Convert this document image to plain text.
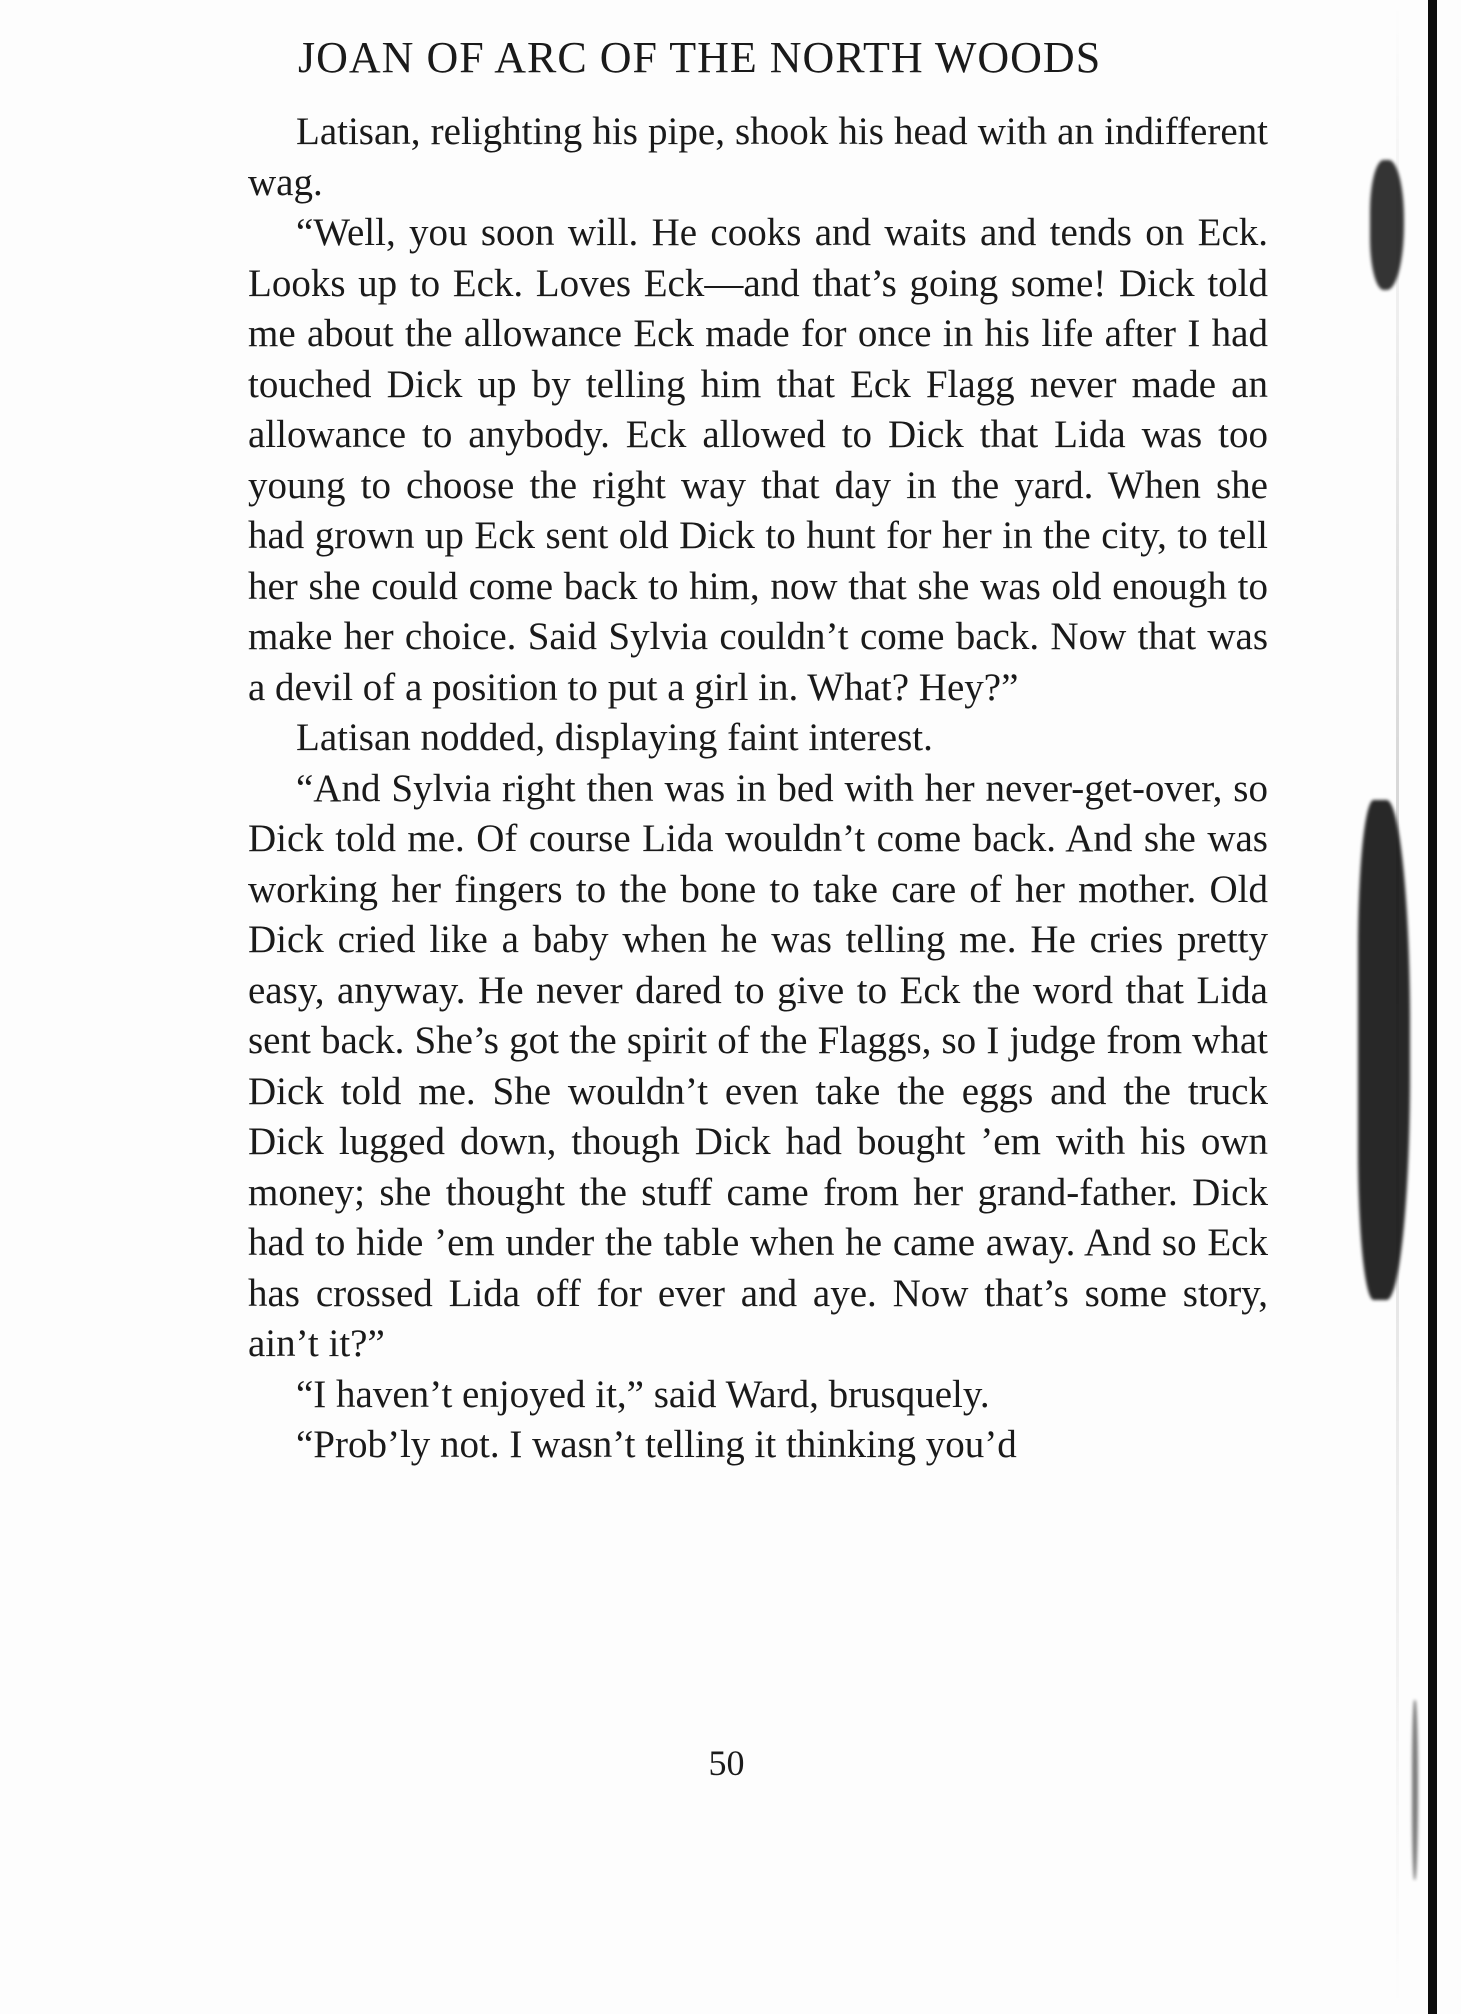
JOAN OF ARC OF THE NORTH WOODS

Latisan, relighting his pipe, shook his head with an indifferent wag.

“Well, you soon will. He cooks and waits and tends on Eck. Looks up to Eck. Loves Eck—and that’s going some! Dick told me about the allowance Eck made for once in his life after I had touched Dick up by telling him that Eck Flagg never made an allowance to anybody. Eck allowed to Dick that Lida was too young to choose the right way that day in the yard. When she had grown up Eck sent old Dick to hunt for her in the city, to tell her she could come back to him, now that she was old enough to make her choice. Said Sylvia couldn’t come back. Now that was a devil of a position to put a girl in. What? Hey?”

Latisan nodded, displaying faint interest.

“And Sylvia right then was in bed with her never-get-over, so Dick told me. Of course Lida wouldn’t come back. And she was working her fingers to the bone to take care of her mother. Old Dick cried like a baby when he was telling me. He cries pretty easy, anyway. He never dared to give to Eck the word that Lida sent back. She’s got the spirit of the Flaggs, so I judge from what Dick told me. She wouldn’t even take the eggs and the truck Dick lugged down, though Dick had bought ’em with his own money; she thought the stuff came from her grand-father. Dick had to hide ’em under the table when he came away. And so Eck has crossed Lida off for ever and aye. Now that’s some story, ain’t it?”

“I haven’t enjoyed it,” said Ward, brusquely.

“Prob’ly not. I wasn’t telling it thinking you’d

50
